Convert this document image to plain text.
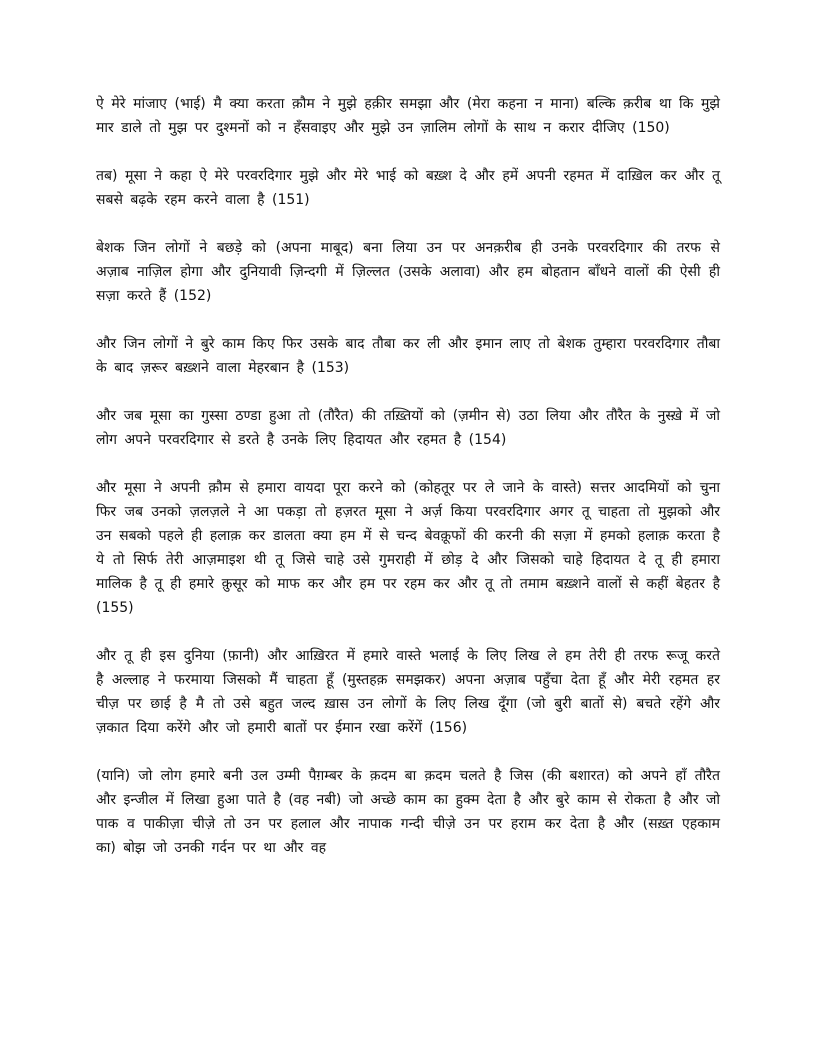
ऐ मेरे मांजाए (भाई) मै क्या करता क़ौम ने मुझे हक़ीर समझा और (मेरा कहना न माना) बल्कि क़रीब था कि मुझे मार डाले तो मुझ पर दुश्मनों को न हँसवाइए और मुझे उन ज़ालिम लोगों के साथ न करार दीजिए (150)

तब) मूसा ने कहा ऐ मेरे परवरदिगार मुझे और मेरे भाई को बख़्श दे और हमें अपनी रहमत में दाख़िल कर और तू सबसे बढ़के रहम करने वाला है (151)

बेशक जिन लोगों ने बछड़े को (अपना माबूद) बना लिया उन पर अनक़रीब ही उनके परवरदिगार की तरफ से अज़ाब नाज़िल होगा और दुनियावी ज़िन्दगी में ज़िल्लत (उसके अलावा) और हम बोहतान बाँधने वालों की ऐसी ही सज़ा करते हैं (152)

और जिन लोगों ने बुरे काम किए फिर उसके बाद तौबा कर ली और इमान लाए तो बेशक तुम्हारा परवरदिगार तौबा के बाद ज़रूर बख़्शने वाला मेहरबान है (153)

और जब मूसा का गुस्सा ठण्डा हुआ तो (तौरैत) की तख़्तियों को (ज़मीन से) उठा लिया और तौरैत के नुस्ख़े में जो लोग अपने परवरदिगार से डरते है उनके लिए हिदायत और रहमत है (154)

और मूसा ने अपनी क़ौम से हमारा वायदा पूरा करने को (कोहतूर पर ले जाने के वास्ते) सत्तर आदमियों को चुना फिर जब उनको ज़लज़ले ने आ पकड़ा तो हज़रत मूसा ने अर्ज़ किया परवरदिगार अगर तू चाहता तो मुझको और उन सबको पहले ही हलाक़ कर डालता क्या हम में से चन्द बेवक़ूफों की करनी की सज़ा में हमको हलाक़ करता है ये तो सिर्फ तेरी आज़माइश थी तू जिसे चाहे उसे गुमराही में छोड़ दे और जिसको चाहे हिदायत दे तू ही हमारा मालिक है तू ही हमारे क़ुसूर को माफ कर और हम पर रहम कर और तू तो तमाम बख़्शने वालों से कहीं बेहतर है (155)

और तू ही इस दुनिया (फ़ानी) और आख़िरत में हमारे वास्ते भलाई के लिए लिख ले हम तेरी ही तरफ रूजू करते है अल्लाह ने फरमाया जिसको मैं चाहता हूँ (मुस्तहक़ समझकर) अपना अज़ाब पहुँचा देता हूँ और मेरी रहमत हर चीज़ पर छाई है मै तो उसे बहुत जल्द ख़ास उन लोगों के लिए लिख दूँगा (जो बुरी बातों से) बचते रहेंगे और ज़कात दिया करेंगे और जो हमारी बातों पर ईमान रखा करेंगें (156)

(यानि) जो लोग हमारे बनी उल उम्मी पैग़म्बर के क़दम बा क़दम चलते है जिस (की बशारत) को अपने हाँ तौरैत और इन्जील में लिखा हुआ पाते है (वह नबी) जो अच्छे काम का हुक्म देता है और बुरे काम से रोकता है और जो पाक व पाकीज़ा चीज़े तो उन पर हलाल और नापाक गन्दी चीज़े उन पर हराम कर देता है और (सख़्त एहकाम का) बोझ जो उनकी गर्दन पर था और वह
